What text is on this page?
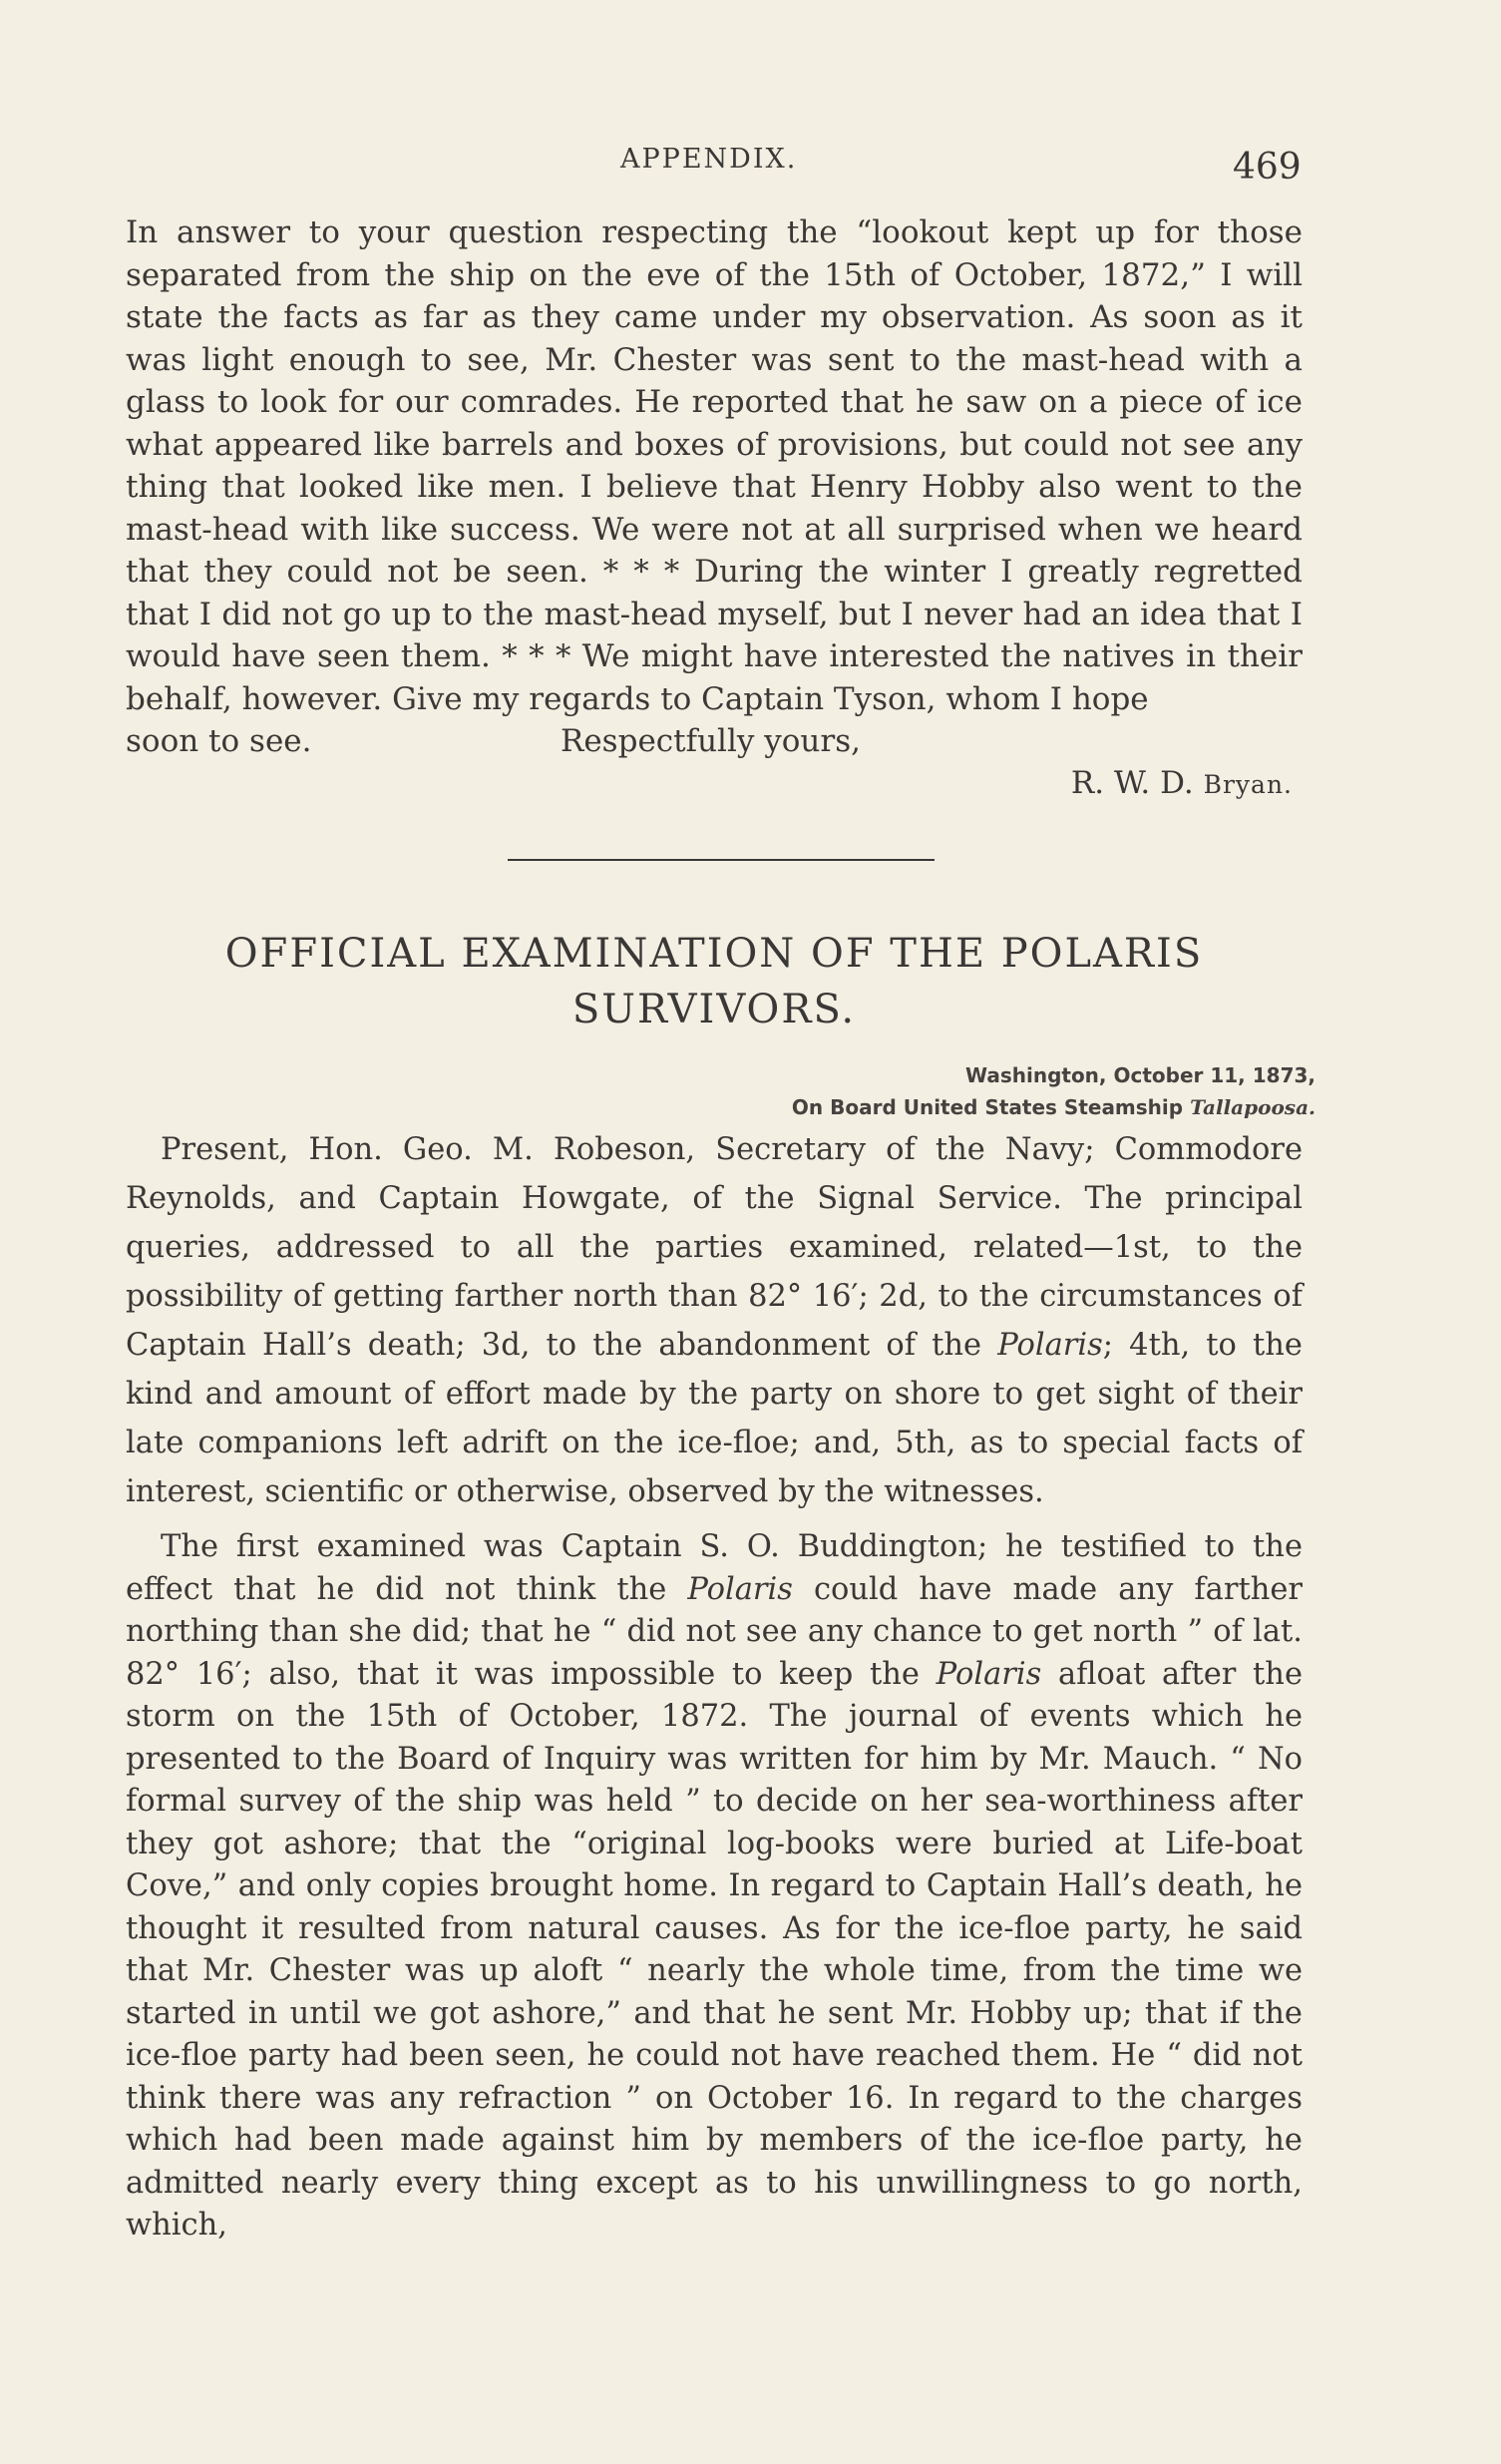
APPENDIX.	469

In answer to your question respecting the “lookout kept up for those separated from the ship on the eve of the 15th of October, 1872,” I will state the facts as far as they came under my observation. As soon as it was light enough to see, Mr. Chester was sent to the mast-head with a glass to look for our comrades. He reported that he saw on a piece of ice what appeared like barrels and boxes of provisions, but could not see any thing that looked like men. I believe that Henry Hobby also went to the mast-head with like success. We were not at all surprised when we heard that they could not be seen. * * * During the winter I greatly regretted that I did not go up to the mast-head myself, but I never had an idea that I would have seen them. * * * We might have interested the natives in their behalf, however. Give my regards to Captain Tyson, whom I hope

soon to see.	Respectfully yours,
R. W. D. Bryan.
OFFICIAL EXAMINATION OF THE POLARIS SURVIVORS.
Washington, October 11, 1873,
On Board United States Steamship Tallapoosa.

Present, Hon. Geo. M. Robeson, Secretary of the Navy; Commodore Reynolds, and Captain Howgate, of the Signal Service. The principal queries, addressed to all the parties examined, related—1st, to the possibility of getting farther north than 82° 16′; 2d, to the circumstances of Captain Hall’s death; 3d, to the abandonment of the Polaris; 4th, to the kind and amount of effort made by the party on shore to get sight of their late companions left adrift on the ice-floe; and, 5th, as to special facts of interest, scientific or otherwise, observed by the witnesses.

The first examined was Captain S. O. Buddington; he testified to the effect that he did not think the Polaris could have made any farther northing than she did; that he “ did not see any chance to get north ” of lat. 82° 16′; also, that it was impossible to keep the Polaris afloat after the storm on the 15th of October, 1872. The journal of events which he presented to the Board of Inquiry was written for him by Mr. Mauch. “ No formal survey of the ship was held ” to decide on her sea-worthiness after they got ashore; that the “original log-books were buried at Life-boat Cove,” and only copies brought home. In regard to Captain Hall’s death, he thought it resulted from natural causes. As for the ice-floe party, he said that Mr. Chester was up aloft “ nearly the whole time, from the time we started in until we got ashore,” and that he sent Mr. Hobby up; that if the ice-floe party had been seen, he could not have reached them. He “ did not think there was any refraction ” on October 16. In regard to the charges which had been made against him by members of the ice-floe party, he admitted nearly every thing except as to his unwillingness to go north, which,
